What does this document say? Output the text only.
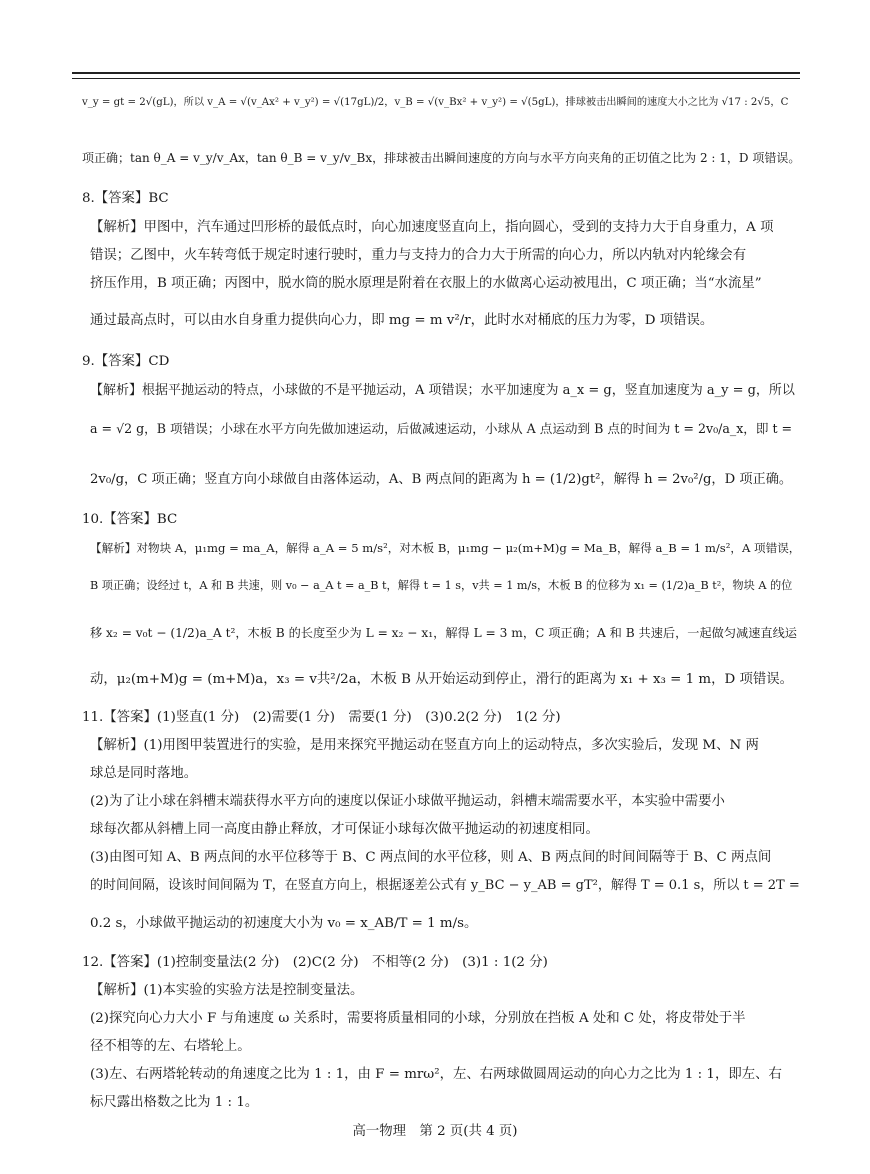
v_y = gt = 2√(gL)，所以 v_A = √(v_Ax² + v_y²) = √(17gL)/2，v_B = √(v_Bx² + v_y²) = √(5gL)，排球被击出瞬间的速度大小之比为 √17 : 2√5，C
项正确；tan θ_A = v_y/v_Ax，tan θ_B = v_y/v_Bx，排球被击出瞬间速度的方向与水平方向夹角的正切值之比为 2 : 1，D 项错误。
8.【答案】BC
【解析】甲图中，汽车通过凹形桥的最低点时，向心加速度竖直向上，指向圆心，受到的支持力大于自身重力，A 项
错误；乙图中，火车转弯低于规定时速行驶时，重力与支持力的合力大于所需的向心力，所以内轨对内轮缘会有
挤压作用，B 项正确；丙图中，脱水筒的脱水原理是附着在衣服上的水做离心运动被甩出，C 项正确；当“水流星”
通过最高点时，可以由水自身重力提供向心力，即 mg = m v²/r，此时水对桶底的压力为零，D 项错误。
9.【答案】CD
【解析】根据平抛运动的特点，小球做的不是平抛运动，A 项错误；水平加速度为 a_x = g，竖直加速度为 a_y = g，所以
a = √2 g，B 项错误；小球在水平方向先做加速运动，后做减速运动，小球从 A 点运动到 B 点的时间为 t = 2v₀/a_x，即 t =
2v₀/g，C 项正确；竖直方向小球做自由落体运动，A、B 两点间的距离为 h = (1/2)gt²，解得 h = 2v₀²/g，D 项正确。
10.【答案】BC
【解析】对物块 A，μ₁mg = ma_A，解得 a_A = 5 m/s²，对木板 B，μ₁mg − μ₂(m+M)g = Ma_B，解得 a_B = 1 m/s²，A 项错误，
B 项正确；设经过 t，A 和 B 共速，则 v₀ − a_A t = a_B t，解得 t = 1 s，v共 = 1 m/s，木板 B 的位移为 x₁ = (1/2)a_B t²，物块 A 的位
移 x₂ = v₀t − (1/2)a_A t²，木板 B 的长度至少为 L = x₂ − x₁，解得 L = 3 m，C 项正确；A 和 B 共速后，一起做匀减速直线运
动，μ₂(m+M)g = (m+M)a，x₃ = v共²/2a，木板 B 从开始运动到停止，滑行的距离为 x₁ + x₃ = 1 m，D 项错误。
11.【答案】(1)竖直(1 分)　(2)需要(1 分)　需要(1 分)　(3)0.2(2 分)　1(2 分)
【解析】(1)用图甲装置进行的实验，是用来探究平抛运动在竖直方向上的运动特点，多次实验后，发现 M、N 两
球总是同时落地。
(2)为了让小球在斜槽末端获得水平方向的速度以保证小球做平抛运动，斜槽末端需要水平，本实验中需要小
球每次都从斜槽上同一高度由静止释放，才可保证小球每次做平抛运动的初速度相同。
(3)由图可知 A、B 两点间的水平位移等于 B、C 两点间的水平位移，则 A、B 两点间的时间间隔等于 B、C 两点间
的时间间隔，设该时间间隔为 T，在竖直方向上，根据逐差公式有 y_BC − y_AB = gT²，解得 T = 0.1 s，所以 t = 2T =
0.2 s，小球做平抛运动的初速度大小为 v₀ = x_AB/T = 1 m/s。
12.【答案】(1)控制变量法(2 分)　(2)C(2 分)　不相等(2 分)　(3)1 : 1(2 分)
【解析】(1)本实验的实验方法是控制变量法。
(2)探究向心力大小 F 与角速度 ω 关系时，需要将质量相同的小球，分别放在挡板 A 处和 C 处，将皮带处于半
径不相等的左、右塔轮上。
(3)左、右两塔轮转动的角速度之比为 1 : 1，由 F = mrω²，左、右两球做圆周运动的向心力之比为 1 : 1，即左、右
标尺露出格数之比为 1 : 1。
高一物理　第 2 页(共 4 页)
